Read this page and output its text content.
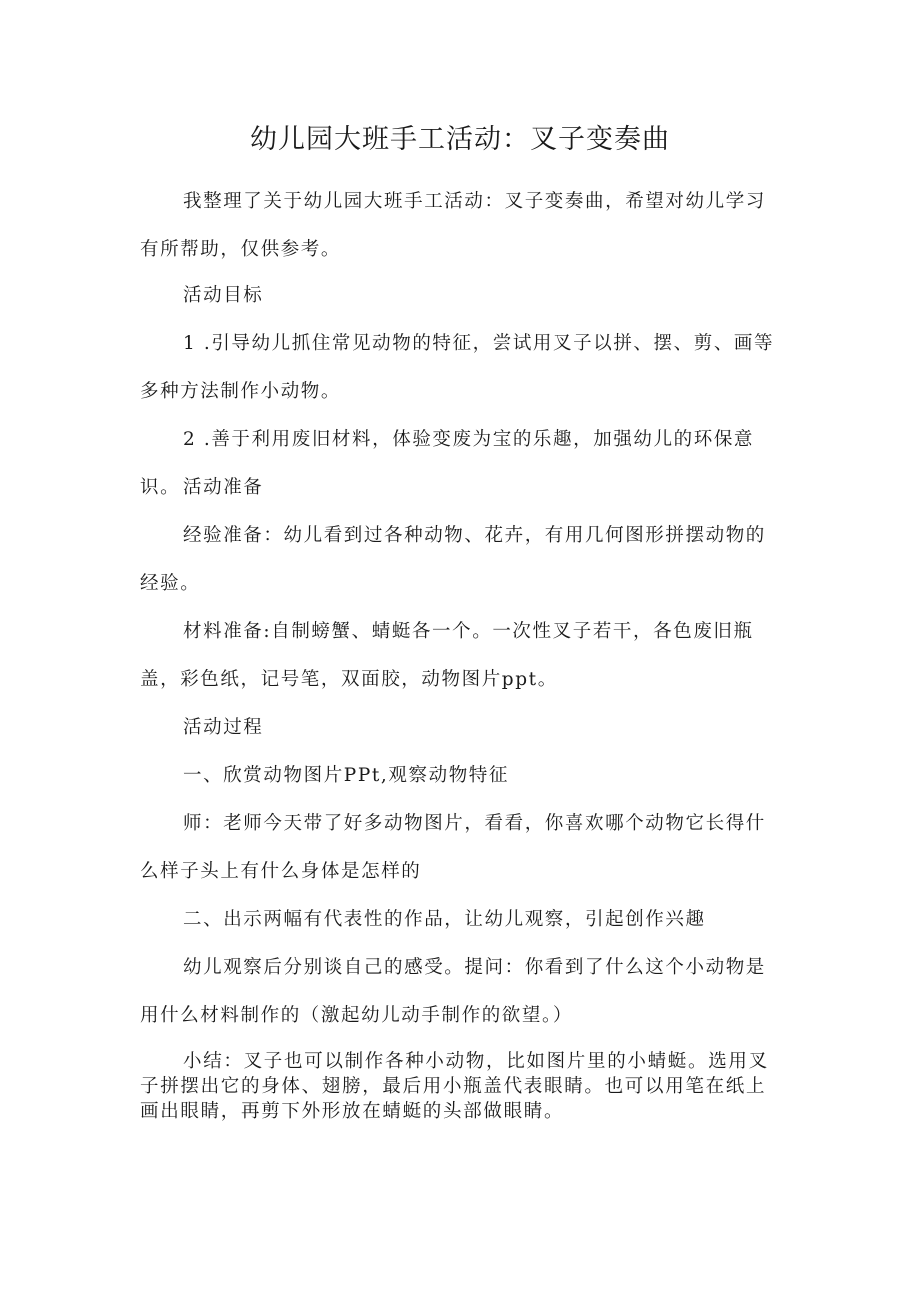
幼儿园大班手工活动：叉子变奏曲

我整理了关于幼儿园大班手工活动：叉子变奏曲，希望对幼儿学习有所帮助，仅供参考。

活动目标

1 .引导幼儿抓住常见动物的特征，尝试用叉子以拼、摆、剪、画等多种方法制作小动物。

2 .善于利用废旧材料，体验变废为宝的乐趣，加强幼儿的环保意识。 活动准备

经验准备：幼儿看到过各种动物、花卉，有用几何图形拼摆动物的经验。

材料准备:自制螃蟹、蜻蜓各一个。一次性叉子若干，各色废旧瓶盖，彩色纸，记号笔，双面胶，动物图片ppt。

活动过程

一、欣赏动物图片PPt,观察动物特征

师：老师今天带了好多动物图片，看看，你喜欢哪个动物它长得什么样子头上有什么身体是怎样的

二、出示两幅有代表性的作品，让幼儿观察，引起创作兴趣

幼儿观察后分别谈自己的感受。提问：你看到了什么这个小动物是用什么材料制作的（激起幼儿动手制作的欲望。）

小结：叉子也可以制作各种小动物，比如图片里的小蜻蜓。选用叉子拼摆出它的身体、翅膀，最后用小瓶盖代表眼睛。也可以用笔在纸上画出眼睛，再剪下外形放在蜻蜓的头部做眼睛。
